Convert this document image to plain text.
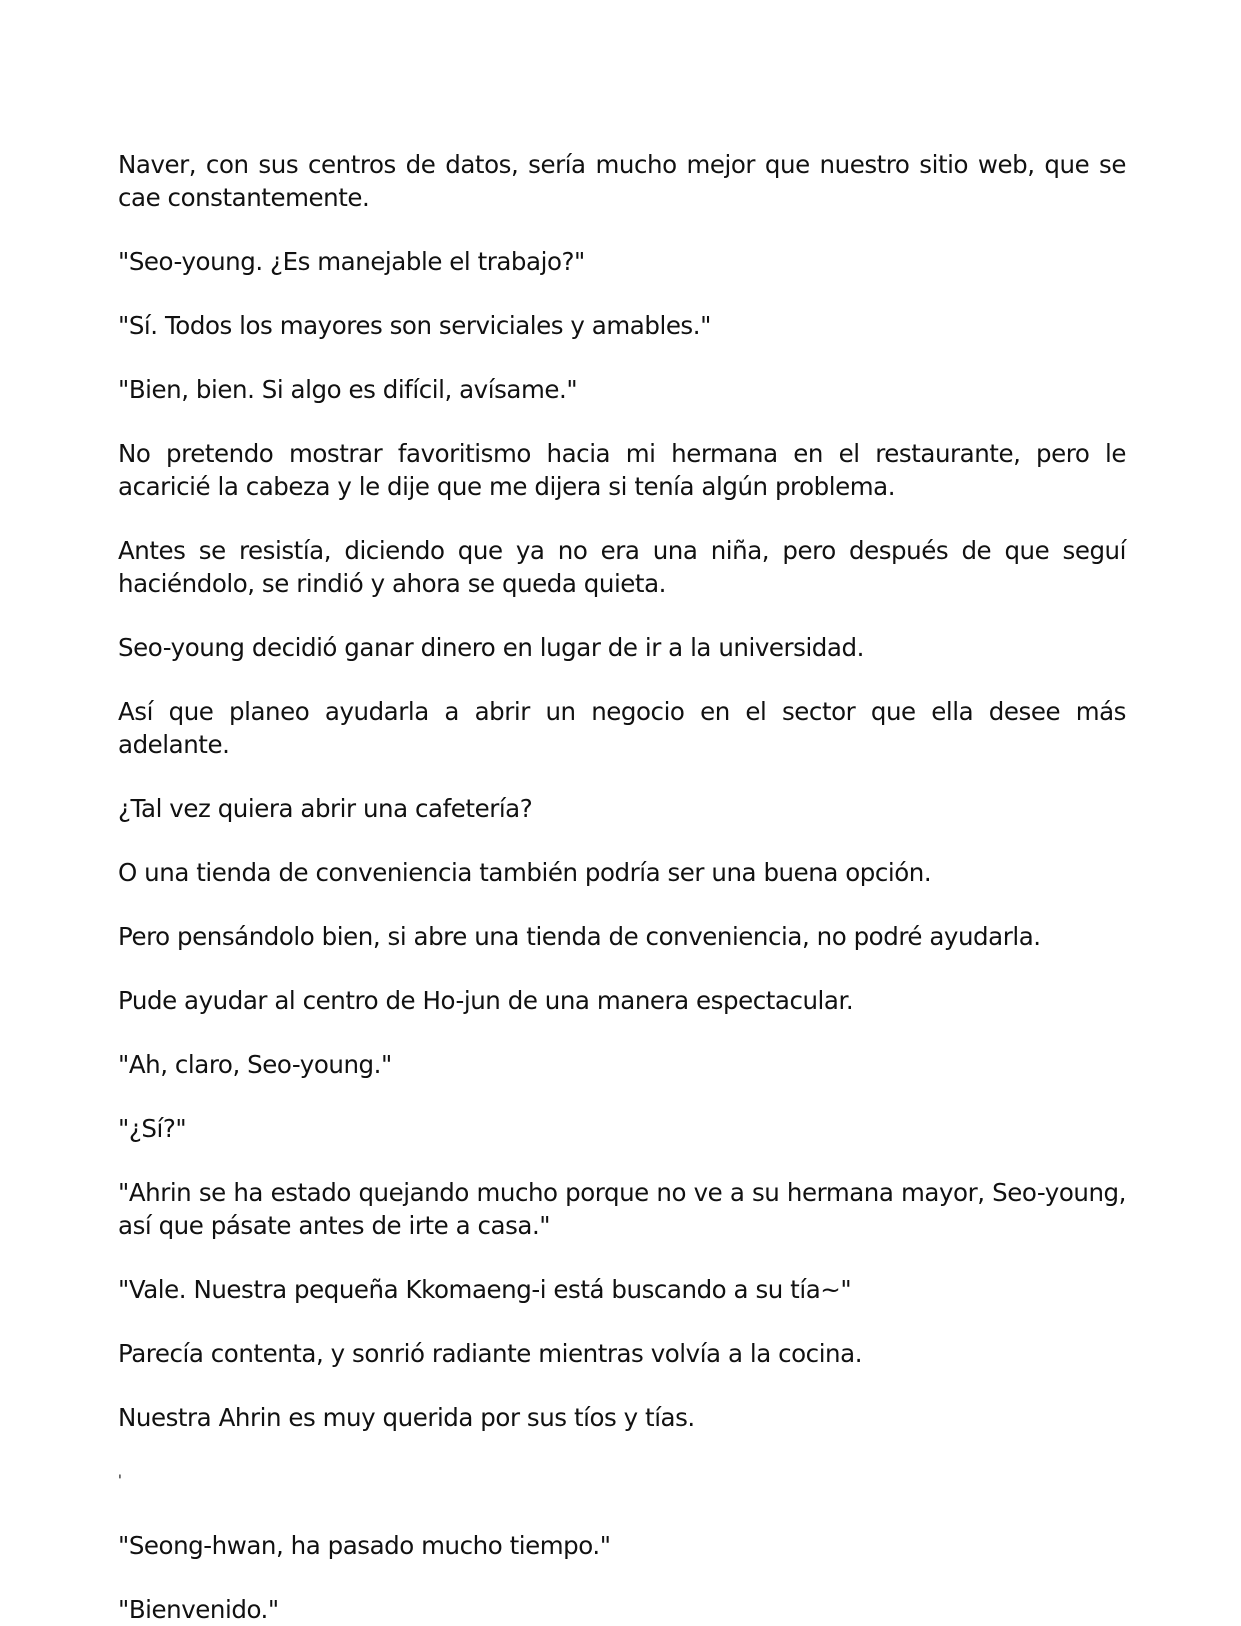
Naver, con sus centros de datos, sería mucho mejor que nuestro sitio web, que se cae constantemente.

"Seo-young. ¿Es manejable el trabajo?"

"Sí. Todos los mayores son serviciales y amables."

"Bien, bien. Si algo es difícil, avísame."

No pretendo mostrar favoritismo hacia mi hermana en el restaurante, pero le acaricié la cabeza y le dije que me dijera si tenía algún problema.

Antes se resistía, diciendo que ya no era una niña, pero después de que seguí haciéndolo, se rindió y ahora se queda quieta.

Seo-young decidió ganar dinero en lugar de ir a la universidad.

Así que planeo ayudarla a abrir un negocio en el sector que ella desee más adelante.

¿Tal vez quiera abrir una cafetería?

O una tienda de conveniencia también podría ser una buena opción.

Pero pensándolo bien, si abre una tienda de conveniencia, no podré ayudarla.

Pude ayudar al centro de Ho-jun de una manera espectacular.

"Ah, claro, Seo-young."

"¿Sí?"

"Ahrin se ha estado quejando mucho porque no ve a su hermana mayor, Seo-young, así que pásate antes de irte a casa."

"Vale. Nuestra pequeña Kkomaeng-i está buscando a su tía~"

Parecía contenta, y sonrió radiante mientras volvía a la cocina.

Nuestra Ahrin es muy querida por sus tíos y tías.

'

"Seong-hwan, ha pasado mucho tiempo."

"Bienvenido."
